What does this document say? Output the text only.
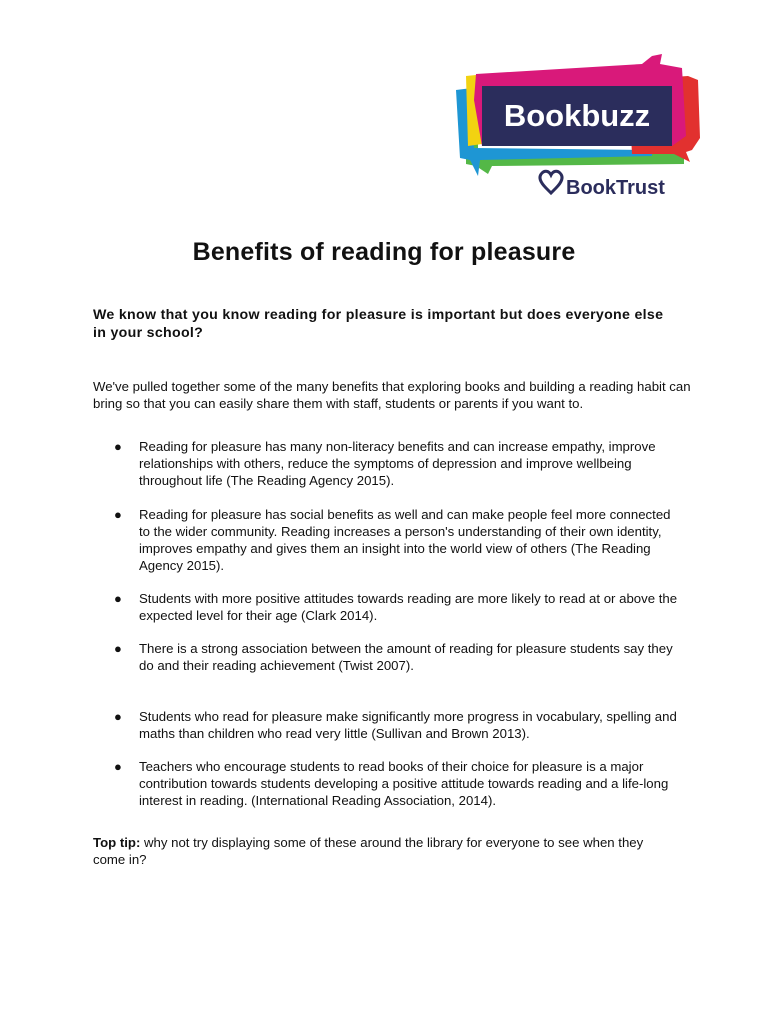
Bookbuzz
BookTrust
Benefits of reading for pleasure

We know that you know reading for pleasure is important but does everyone else in your school?

We've pulled together some of the many benefits that exploring books and building a reading habit can bring so that you can easily share them with staff, students or parents if you want to.

● Reading for pleasure has many non-literacy benefits and can increase empathy, improve relationships with others, reduce the symptoms of depression and improve wellbeing throughout life (The Reading Agency 2015).
● Reading for pleasure has social benefits as well and can make people feel more connected to the wider community. Reading increases a person's understanding of their own identity, improves empathy and gives them an insight into the world view of others (The Reading Agency 2015).
● Students with more positive attitudes towards reading are more likely to read at or above the expected level for their age (Clark 2014).
● There is a strong association between the amount of reading for pleasure students say they do and their reading achievement (Twist 2007).
● Students who read for pleasure make significantly more progress in vocabulary, spelling and maths than children who read very little (Sullivan and Brown 2013).
● Teachers who encourage students to read books of their choice for pleasure is a major contribution towards students developing a positive attitude towards reading and a life-long interest in reading. (International Reading Association, 2014).

Top tip: why not try displaying some of these around the library for everyone to see when they come in?
